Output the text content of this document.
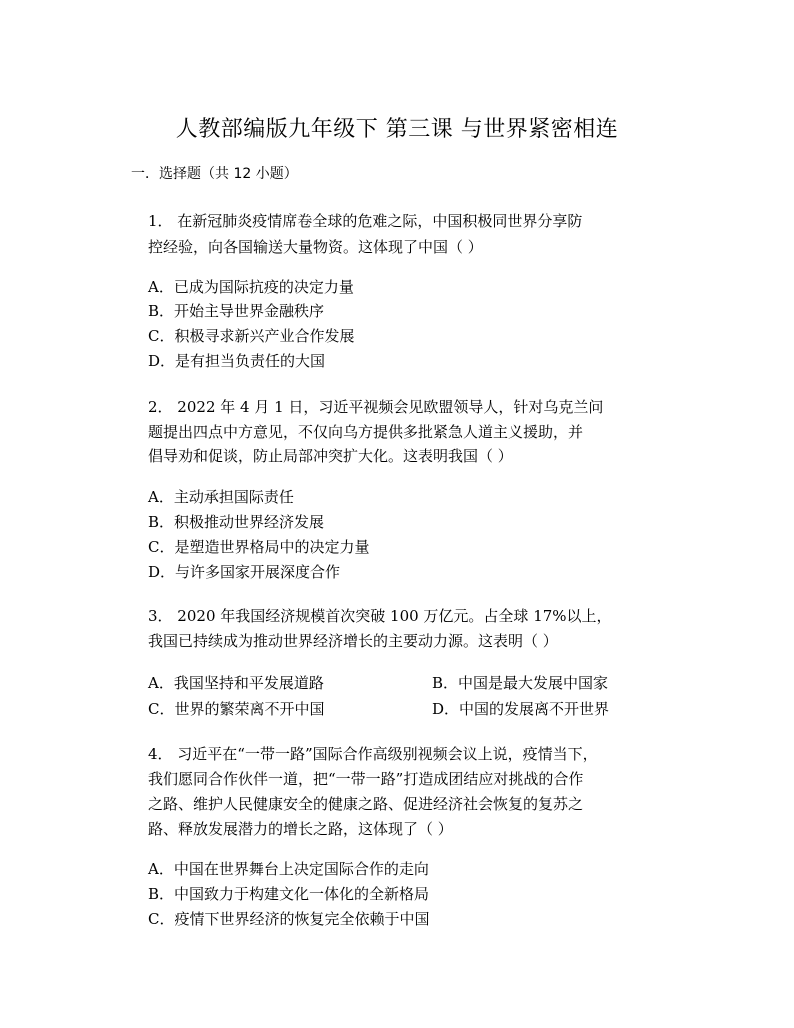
人教部编版九年级下 第三课 与世界紧密相连
一．选择题（共 12 小题）
1． 在新冠肺炎疫情席卷全球的危难之际，中国积极同世界分享防
控经验，向各国输送大量物资。这体现了中国（ ）
A．已成为国际抗疫的决定力量
B．开始主导世界金融秩序
C．积极寻求新兴产业合作发展
D．是有担当负责任的大国
2． 2022 年 4 月 1 日，习近平视频会见欧盟领导人，针对乌克兰问
题提出四点中方意见，不仅向乌方提供多批紧急人道主义援助，并
倡导劝和促谈，防止局部冲突扩大化。这表明我国（ ）
A．主动承担国际责任
B．积极推动世界经济发展
C．是塑造世界格局中的决定力量
D．与许多国家开展深度合作
3． 2020 年我国经济规模首次突破 100 万亿元。占全球 17%以上，
我国已持续成为推动世界经济增长的主要动力源。这表明（ ）
A．我国坚持和平发展道路	B．中国是最大发展中国家
C．世界的繁荣离不开中国	D．中国的发展离不开世界
4． 习近平在“一带一路”国际合作高级别视频会议上说，疫情当下，
我们愿同合作伙伴一道，把“一带一路”打造成团结应对挑战的合作
之路、维护人民健康安全的健康之路、促进经济社会恢复的复苏之
路、释放发展潜力的增长之路，这体现了（ ）
A．中国在世界舞台上决定国际合作的走向
B．中国致力于构建文化一体化的全新格局
C．疫情下世界经济的恢复完全依赖于中国
